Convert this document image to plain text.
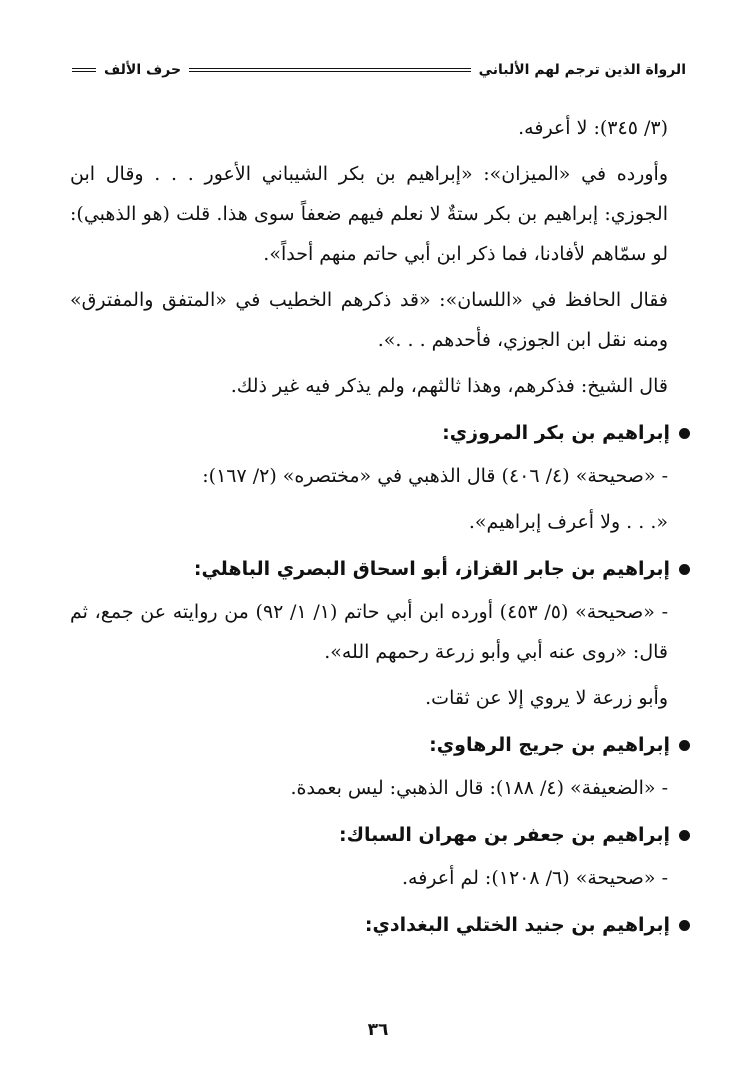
الرواة الذين ترجم لهم الألباني
حرف الألف

(٣/ ٣٤٥): لا أعرفه.

وأورده في «الميزان»: «إبراهيم بن بكر الشيباني الأعور . . . وقال ابن الجوزي: إبراهيم بن بكر ستةٌ لا نعلم فيهم ضعفاً سوى هذا. قلت (هو الذهبي): لو سمّاهم لأفادنا، فما ذكر ابن أبي حاتم منهم أحداً».

فقال الحافظ في «اللسان»: «قد ذكرهم الخطيب في «المتفق والمفترق» ومنه نقل ابن الجوزي، فأحدهم . . .».

قال الشيخ: فذكرهم، وهذا ثالثهم، ولم يذكر فيه غير ذلك.

إبراهيم بن بكر المروزي:

- «صحيحة» (٤/ ٤٠٦) قال الذهبي في «مختصره» (٢/ ١٦٧):

«. . . ولا أعرف إبراهيم».

إبراهيم بن جابر القزاز، أبو اسحاق البصري الباهلي:

- «صحيحة» (٥/ ٤٥٣) أورده ابن أبي حاتم (١/ ١/ ٩٢) من روايته عن جمع، ثم قال: «روى عنه أبي وأبو زرعة رحمهم الله».

وأبو زرعة لا يروي إلا عن ثقات.

إبراهيم بن جريج الرهاوي:

- «الضعيفة» (٤/ ١٨٨): قال الذهبي: ليس بعمدة.

إبراهيم بن جعفر بن مهران السباك:

- «صحيحة» (٦/ ١٢٠٨): لم أعرفه.

إبراهيم بن جنيد الختلي البغدادي:
٣٦
